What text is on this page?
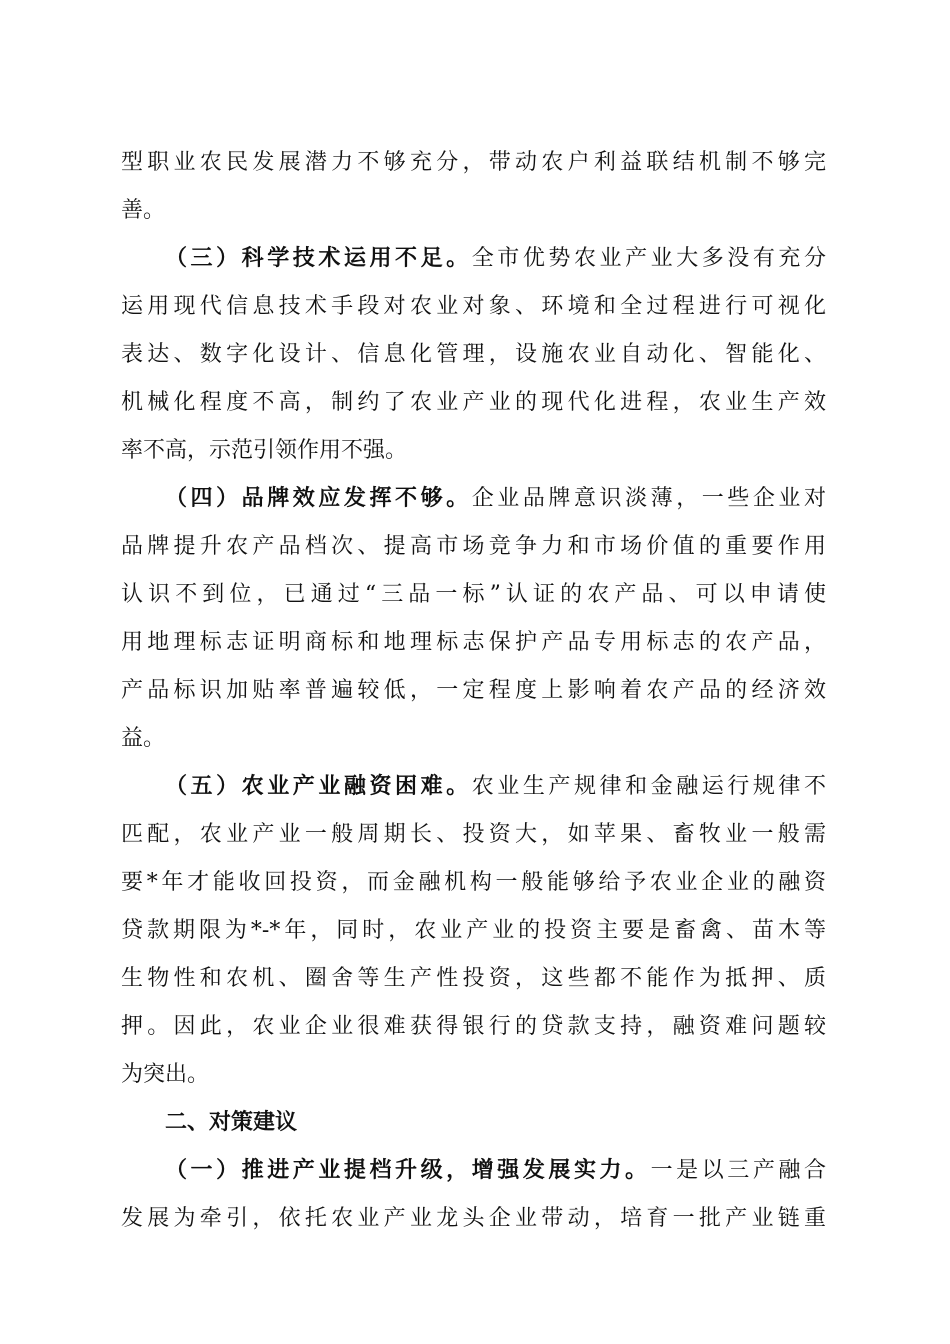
型职业农民发展潜力不够充分，带动农户利益联结机制不够完
善。
（三）科学技术运用不足。全市优势农业产业大多没有充分
运用现代信息技术手段对农业对象、环境和全过程进行可视化
表达、数字化设计、信息化管理，设施农业自动化、智能化、
机械化程度不高，制约了农业产业的现代化进程，农业生产效
率不高，示范引领作用不强。
（四）品牌效应发挥不够。企业品牌意识淡薄，一些企业对
品牌提升农产品档次、提高市场竞争力和市场价值的重要作用
认识不到位，已通过“三品一标”认证的农产品、可以申请使
用地理标志证明商标和地理标志保护产品专用标志的农产品，
产品标识加贴率普遍较低，一定程度上影响着农产品的经济效
益。
（五）农业产业融资困难。农业生产规律和金融运行规律不
匹配，农业产业一般周期长、投资大，如苹果、畜牧业一般需
要*年才能收回投资，而金融机构一般能够给予农业企业的融资
贷款期限为*-*年，同时，农业产业的投资主要是畜禽、苗木等
生物性和农机、圈舍等生产性投资，这些都不能作为抵押、质
押。因此，农业企业很难获得银行的贷款支持，融资难问题较
为突出。
二、对策建议
（一）推进产业提档升级，增强发展实力。一是以三产融合
发展为牵引，依托农业产业龙头企业带动，培育一批产业链重
